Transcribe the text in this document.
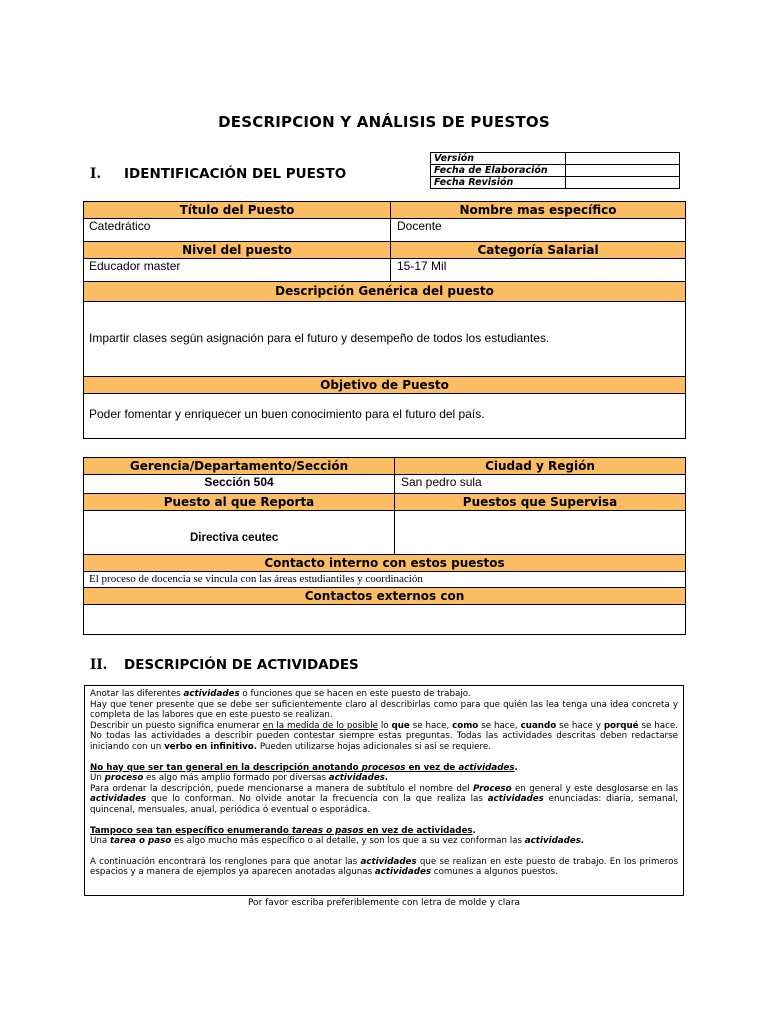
DESCRIPCION Y ANÁLISIS DE PUESTOS
I. IDENTIFICACIÓN DEL PUESTO
Versión	
Fecha de Elaboración	
Fecha Revisión	
Título del Puesto	Nombre mas específico
Catedrático	Docente
Nivel del puesto	Categoría Salarial
Educador master	15-17 Mil
Descripción Genérica del puesto
Impartir clases según asignación para el futuro y desempeño de todos los estudiantes.
Objetivo de Puesto
Poder fomentar y enriquecer un buen conocimiento para el futuro del país.
Gerencia/Departamento/Sección	Ciudad y Región
Sección 504	San pedro sula
Puesto al que Reporta	Puestos que Supervisa
Directiva ceutec
Contacto interno con estos puestos
El proceso de docencia se vincula con las áreas estudiantiles y coordinación
Contactos externos con
II. DESCRIPCIÓN DE ACTIVIDADES

Anotar las diferentes actividades o funciones que se hacen en este puesto de trabajo.

Hay que tener presente que se debe ser suficientemente claro al describirlas como para que quién las lea tenga una idea concreta y completa de las labores que en este puesto se realizan.

Describir un puesto significa enumerar en la medida de lo posible lo que se hace, como se hace, cuando se hace y porqué se hace. No todas las actividades a describir pueden contestar siempre estas preguntas. Todas las actividades descritas deben redactarse iniciando con un verbo en infinitivo. Pueden utilizarse hojas adicionales si así se requiere.

No hay que ser tan general en la descripción anotando procesos en vez de actividades.

Un proceso es algo más amplio formado por diversas actividades.

Para ordenar la descripción, puede mencionarse a manera de subtítulo el nombre del Proceso en general y este desglosarse en las actividades que lo conforman. No olvide anotar la frecuencia con la que realiza las actividades enunciadas: diaria, semanal, quincenal, mensuales, anual, periódica ó eventual o esporádica.

Tampoco sea tan específico enumerando tareas o pasos en vez de actividades.

Una tarea o paso es algo mucho más específico o al detalle, y son los que a su vez conforman las actividades.

A continuación encontrará los renglones para que anotar las actividades que se realizan en este puesto de trabajo. En los primeros espacios y a manera de ejemplos ya aparecen anotadas algunas actividades comunes a algunos puestos.

Por favor escriba preferiblemente con letra de molde y clara
